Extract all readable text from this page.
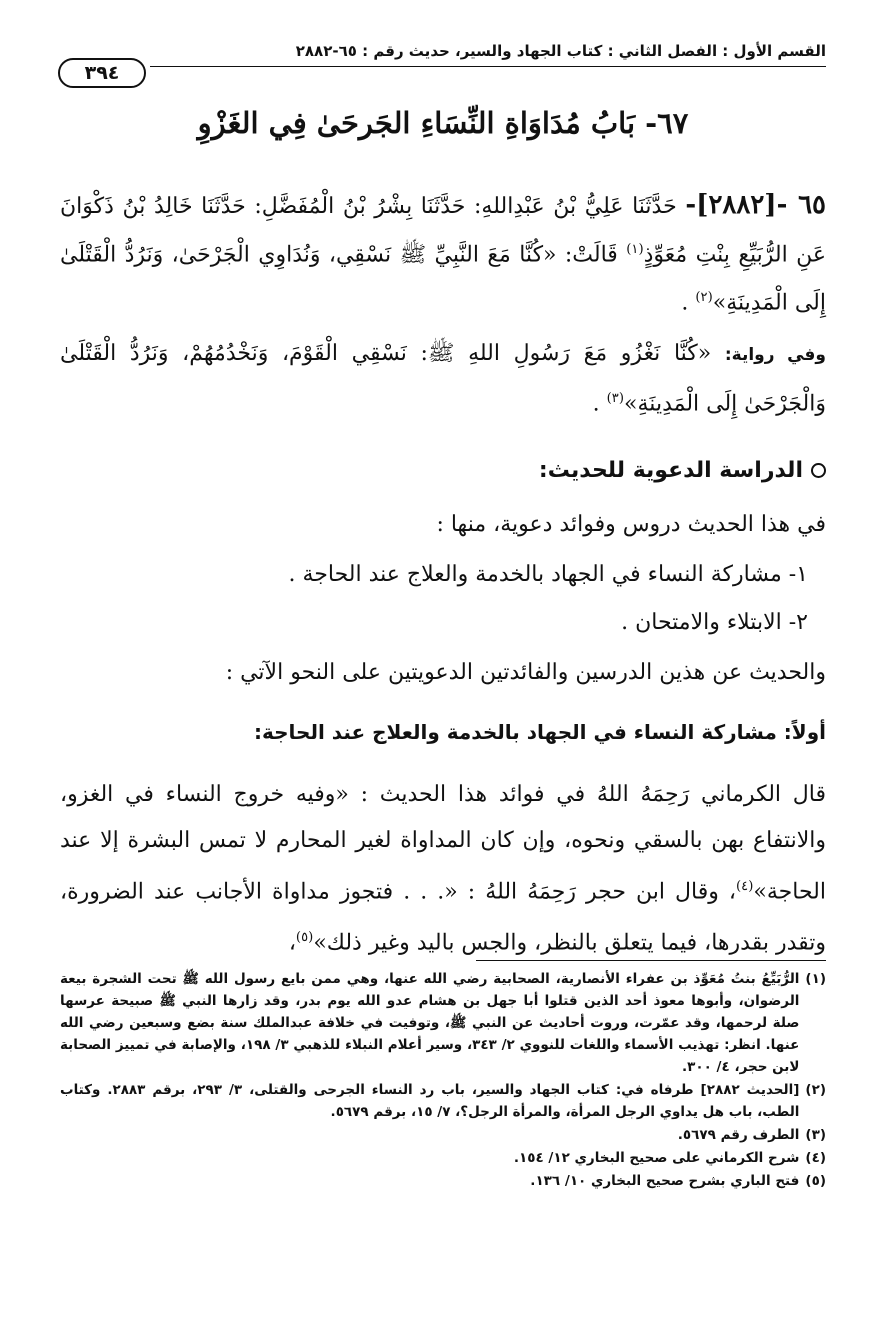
القسم الأول : الفصل الثاني : كتاب الجهاد والسير، حديث رقم : ٦٥-٢٨٨٢
٣٩٤
٦٧- بَابُ مُدَاوَاةِ النِّسَاءِ الجَرحَىٰ فِي الغَزْوِ
٦٥ -[٢٨٨٢]- حَدَّثَنَا عَلِيُّ بْنُ عَبْدِاللهِ: حَدَّثَنَا بِشْرُ بْنُ الْمُفَضَّلِ: حَدَّثَنَا خَالِدُ بْنُ ذَكْوَانَ عَنِ الرُّبَيِّعِ بِنْتِ مُعَوِّذٍ$^{(١)}$ قَالَتْ: «كُنَّا مَعَ النَّبِيِّ ﷺ نَسْقِي، وَنُدَاوِي الْجَرْحَىٰ، وَنَرُدُّ الْقَتْلَىٰ إِلَى الْمَدِينَةِ»$^{(٢)}$ .
وفي رواية: «كُنَّا نَغْزُو مَعَ رَسُولِ اللهِ ﷺ: نَسْقِي الْقَوْمَ، وَنَخْدُمُهُمْ، وَنَرُدُّ الْقَتْلَىٰ وَالْجَرْحَىٰ إِلَى الْمَدِينَةِ»$^{(٣)}$ .
الدراسة الدعوية للحديث:
في هذا الحديث دروس وفوائد دعوية، منها :
١- مشاركة النساء في الجهاد بالخدمة والعلاج عند الحاجة .
٢- الابتلاء والامتحان .
والحديث عن هذين الدرسين والفائدتين الدعويتين على النحو الآتي :
أولاً: مشاركة النساء في الجهاد بالخدمة والعلاج عند الحاجة:
قال الكرماني رَحِمَهُ اللهُ في فوائد هذا الحديث : «وفيه خروج النساء في الغزو، والانتفاع بهن بالسقي ونحوه، وإن كان المداواة لغير المحارم لا تمس البشرة إلا عند الحاجة»$^{(٤)}$، وقال ابن حجر رَحِمَهُ اللهُ : «. . . فتجوز مداواة الأجانب عند الضرورة، وتقدر بقدرها، فيما يتعلق بالنظر، والجس باليد وغير ذلك»$^{(٥)}$،
(١)
الرُّبَيِّعُ بنتُ مُعَوِّذ بن عفراء الأنصارية، الصحابية رضي الله عنها، وهي ممن بايع رسول الله ﷺ تحت الشجرة بيعة الرضوان، وأبوها معوذ أحد الذين قتلوا أبا جهل بن هشام عدو الله يوم بدر، وقد زارها النبي ﷺ صبيحة عرسها صلة لرحمها، وقد عمّرت، وروت أحاديث عن النبي ﷺ، وتوفيت في خلافة عبدالملك سنة بضع وسبعين رضي الله عنها. انظر: تهذيب الأسماء واللغات للنووي ٢/ ٣٤٣، وسير أعلام النبلاء للذهبي ٣/ ١٩٨، والإصابة في تمييز الصحابة لابن حجر، ٤/ ٣٠٠.
(٢)
[الحديث ٢٨٨٢] طرفاه في: كتاب الجهاد والسير، باب رد النساء الجرحى والقتلى، ٣/ ٢٩٣، برقم ٢٨٨٣. وكتاب الطب، باب هل يداوي الرجل المرأة، والمرأة الرجل؟، ٧/ ١٥، برقم ٥٦٧٩.
(٣)
الطرف رقم ٥٦٧٩.
(٤)
شرح الكرماني على صحيح البخاري ١٢/ ١٥٤.
(٥)
فتح الباري بشرح صحيح البخاري ١٠/ ١٣٦.
